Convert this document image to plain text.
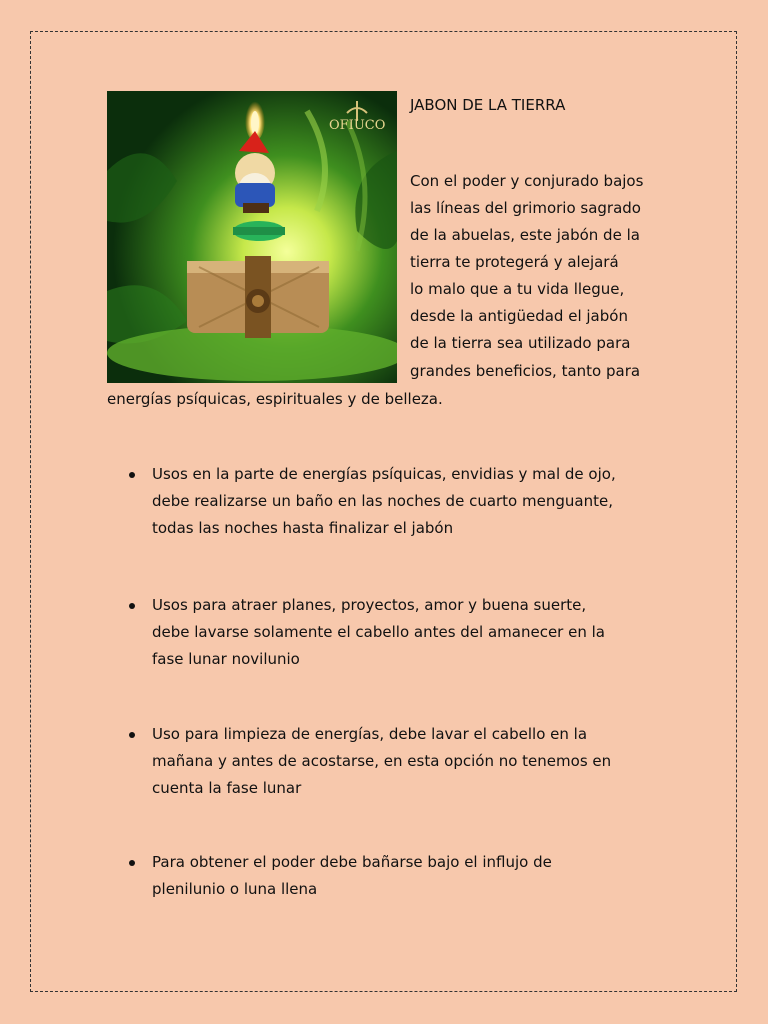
OFIUCO
JABON DE LA TIERRA
Con el poder y conjurado bajos
las líneas del grimorio sagrado
de la abuelas, este jabón de la
tierra te protegerá y alejará
lo malo que a tu vida llegue,
desde la antigüedad el jabón
de la tierra sea utilizado para
grandes beneficios, tanto para
energías psíquicas, espirituales y de belleza.
Usos en la parte de energías psíquicas, envidias y mal de ojo,
debe realizarse un baño en las noches de cuarto menguante,
todas las noches hasta finalizar el jabón
Usos para atraer planes, proyectos, amor y buena suerte,
debe lavarse solamente el cabello antes del amanecer en la
fase lunar novilunio
Uso para limpieza de energías, debe lavar el cabello en la
mañana y antes de acostarse, en esta opción no tenemos en
cuenta la fase lunar
Para obtener el poder debe bañarse bajo el influjo de
plenilunio o luna llena
